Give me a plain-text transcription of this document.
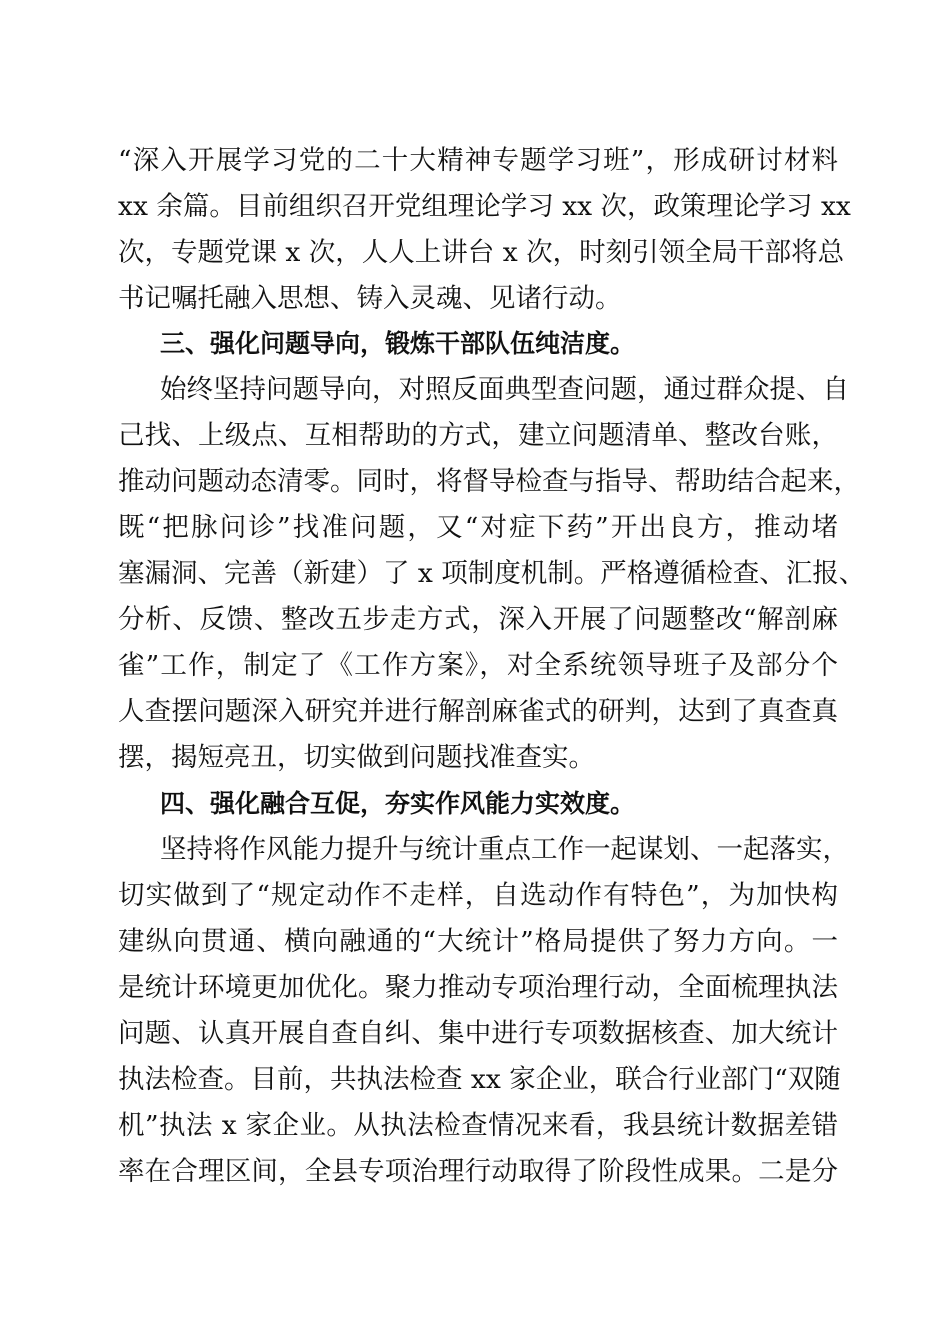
“深入开展学习党的二十大精神专题学习班”，形成研讨材料
xx 余篇。目前组织召开党组理论学习 xx 次，政策理论学习 xx
次，专题党课 x 次，人人上讲台 x 次，时刻引领全局干部将总
书记嘱托融入思想、铸入灵魂、见诸行动。
三、强化问题导向，锻炼干部队伍纯洁度。
始终坚持问题导向，对照反面典型查问题，通过群众提、自
己找、上级点、互相帮助的方式，建立问题清单、整改台账，
推动问题动态清零。同时，将督导检查与指导、帮助结合起来，
既“把脉问诊”找准问题，又“对症下药”开出良方，推动堵
塞漏洞、完善（新建）了 x 项制度机制。严格遵循检查、汇报、
分析、反馈、整改五步走方式，深入开展了问题整改“解剖麻
雀”工作，制定了《工作方案》，对全系统领导班子及部分个
人查摆问题深入研究并进行解剖麻雀式的研判，达到了真查真
摆，揭短亮丑，切实做到问题找准查实。
四、强化融合互促，夯实作风能力实效度。
坚持将作风能力提升与统计重点工作一起谋划、一起落实，
切实做到了“规定动作不走样，自选动作有特色”，为加快构
建纵向贯通、横向融通的“大统计”格局提供了努力方向。一
是统计环境更加优化。聚力推动专项治理行动，全面梳理执法
问题、认真开展自查自纠、集中进行专项数据核查、加大统计
执法检查。目前，共执法检查 xx 家企业，联合行业部门“双随
机”执法 x 家企业。从执法检查情况来看，我县统计数据差错
率在合理区间，全县专项治理行动取得了阶段性成果。二是分
